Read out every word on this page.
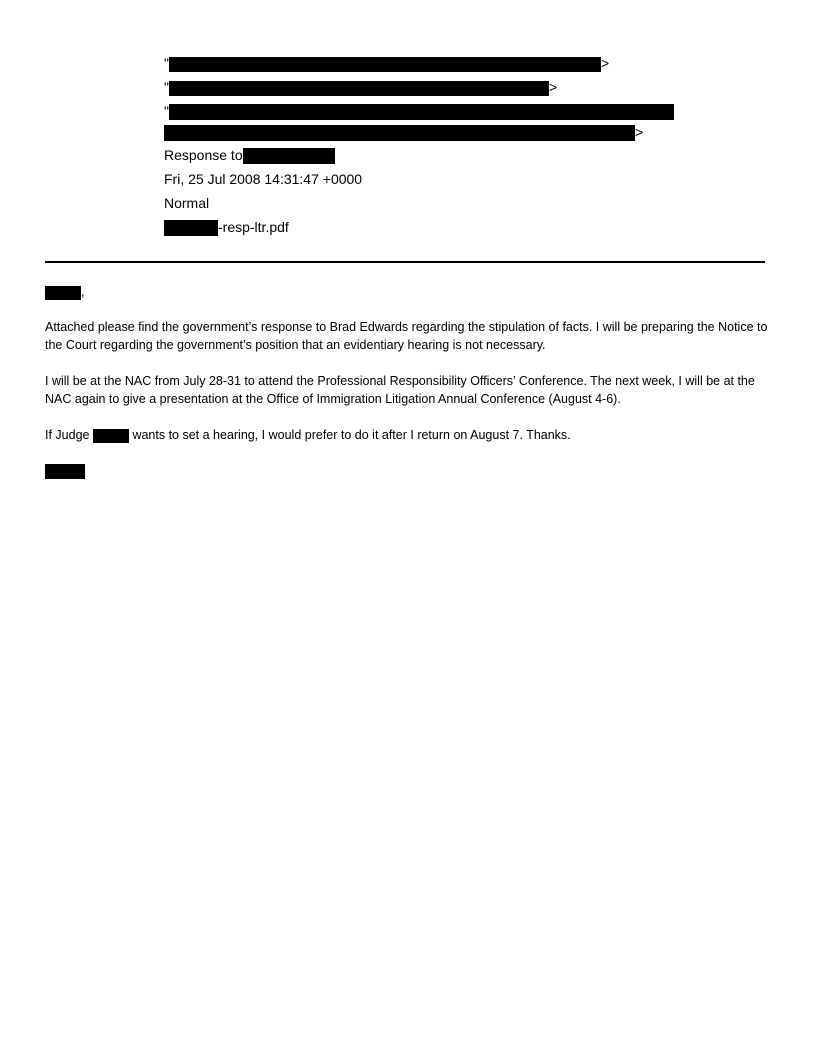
"	>
"	>
"
>
Response to
Fri, 25 Jul 2008 14:31:47 +0000
Normal
-resp-ltr.pdf
,

Attached please find the government’s response to Brad Edwards regarding the stipulation of facts. I will be preparing the Notice to the Court regarding the government’s position that an evidentiary hearing is not necessary.

I will be at the NAC from July 28-31 to attend the Professional Responsibility Officers’ Conference. The next week, I will be at the NAC again to give a presentation at the Office of Immigration Litigation Annual Conference (August 4-6).

If Judge	wants to set a hearing, I would prefer to do it after I return on August 7. Thanks.
